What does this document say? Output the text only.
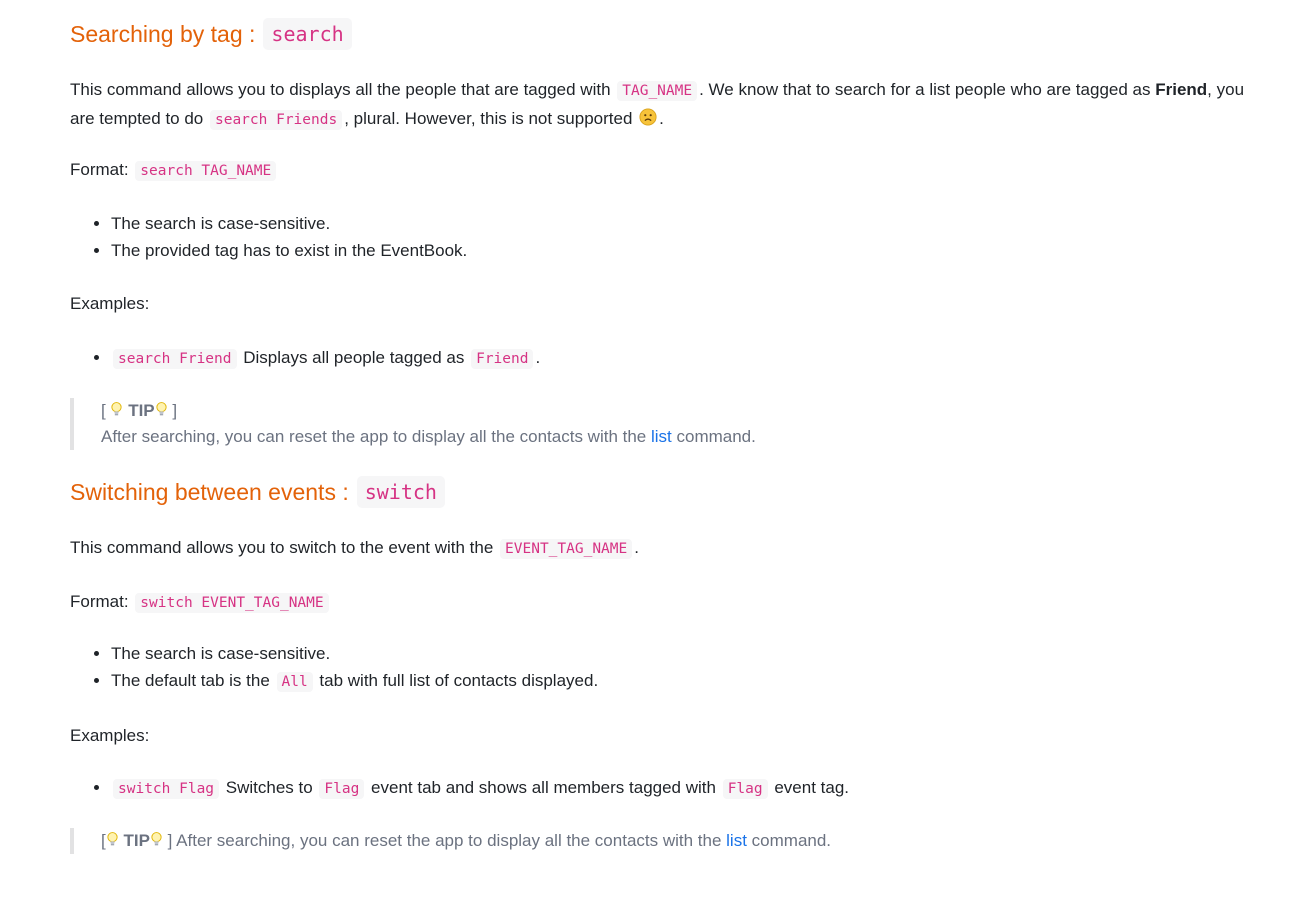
Searching by tag : search
This command allows you to displays all the people that are tagged with TAG_NAME . We know that to search for a list people who are tagged as Friend, you are tempted to do search Friends , plural. However, this is not supported .
Format: search TAG_NAME
• The search is case-sensitive.
• The provided tag has to exist in the EventBook.
Examples:
• search Friend Displays all people tagged as Friend .
[ TIP ]
After searching, you can reset the app to display all the contacts with the list command.
Switching between events : switch
This command allows you to switch to the event with the EVENT_TAG_NAME .
Format: switch EVENT_TAG_NAME
• The search is case-sensitive.
• The default tab is the All tab with full list of contacts displayed.
Examples:
• switch Flag Switches to Flag event tab and shows all members tagged with Flag event tag.
[ TIP ] After searching, you can reset the app to display all the contacts with the list command.
